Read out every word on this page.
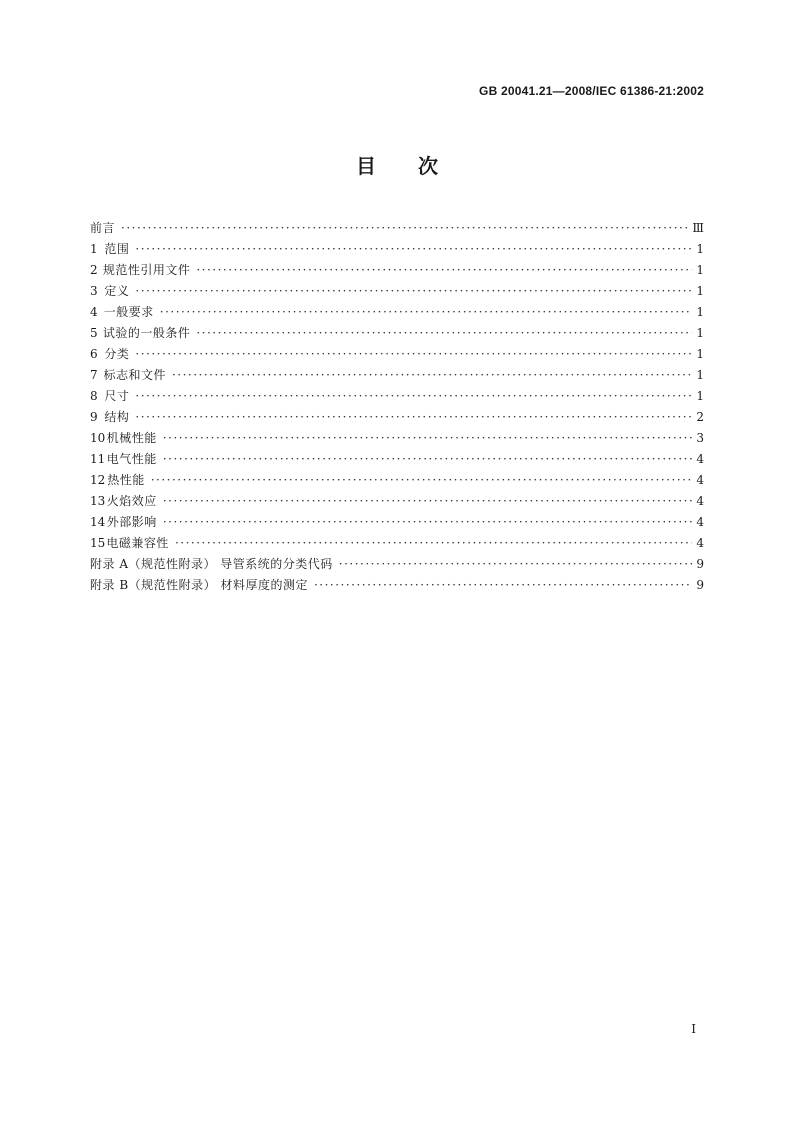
GB 20041.21—2008/IEC 61386-21:2002
目 次
前言 ·····	Ⅲ
1 范围 ·····	1
2 规范性引用文件 ·····	1
3 定义 ·····	1
4 一般要求 ·····	1
5 试验的一般条件 ·····	1
6 分类 ·····	1
7 标志和文件 ·····	1
8 尺寸 ·····	1
9 结构 ·····	2
10 机械性能 ·····	3
11 电气性能 ·····	4
12 热性能 ·····	4
13 火焰效应 ·····	4
14 外部影响 ·····	4
15 电磁兼容性 ·····	4
附录 A（规范性附录） 导管系统的分类代码 ·····	9
附录 B（规范性附录） 材料厚度的测定 ·····	9
I
